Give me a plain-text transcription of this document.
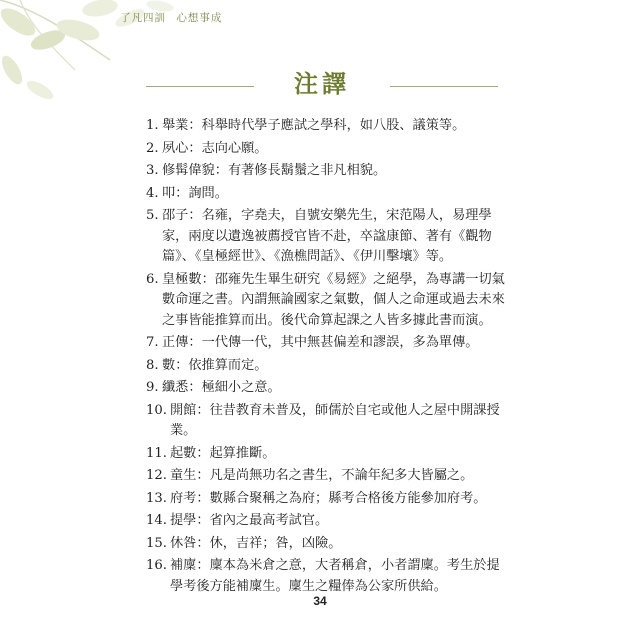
了凡四訓 心想事成
注譯
1. 舉業：科舉時代學子應試之學科，如八股、議策等。
2. 夙心：志向心願。
3. 修髯偉貌：有著修長鬍鬚之非凡相貌。
4. 叩：詢問。
5. 邵子：名雍，字堯夫，自號安樂先生，宋范陽人，易理學家，兩度以遺逸被薦授官皆不赴，卒諡康節、著有《觀物篇》、《皇極經世》、《漁樵問話》、《伊川擊壤》等。
6. 皇極數：邵雍先生畢生研究《易經》之絕學，為專講一切氣數命運之書。內謂無論國家之氣數，個人之命運或過去未來之事皆能推算而出。後代命算起課之人皆多據此書而演。
7. 正傳：一代傳一代，其中無甚偏差和謬誤，多為單傳。
8. 數：依推算而定。
9. 纖悉：極細小之意。
10. 開館：往昔教育未普及，師儒於自宅或他人之屋中開課授業。
11. 起數：起算推斷。
12. 童生：凡是尚無功名之書生，不論年紀多大皆屬之。
13. 府考：數縣合聚稱之為府；縣考合格後方能參加府考。
14. 提學：省內之最高考試官。
15. 休咎：休，吉祥；咎，凶險。
16. 補廩：廩本為米倉之意，大者稱倉，小者謂廩。考生於提學考後方能補廩生。廩生之糧俸為公家所供給。
34
